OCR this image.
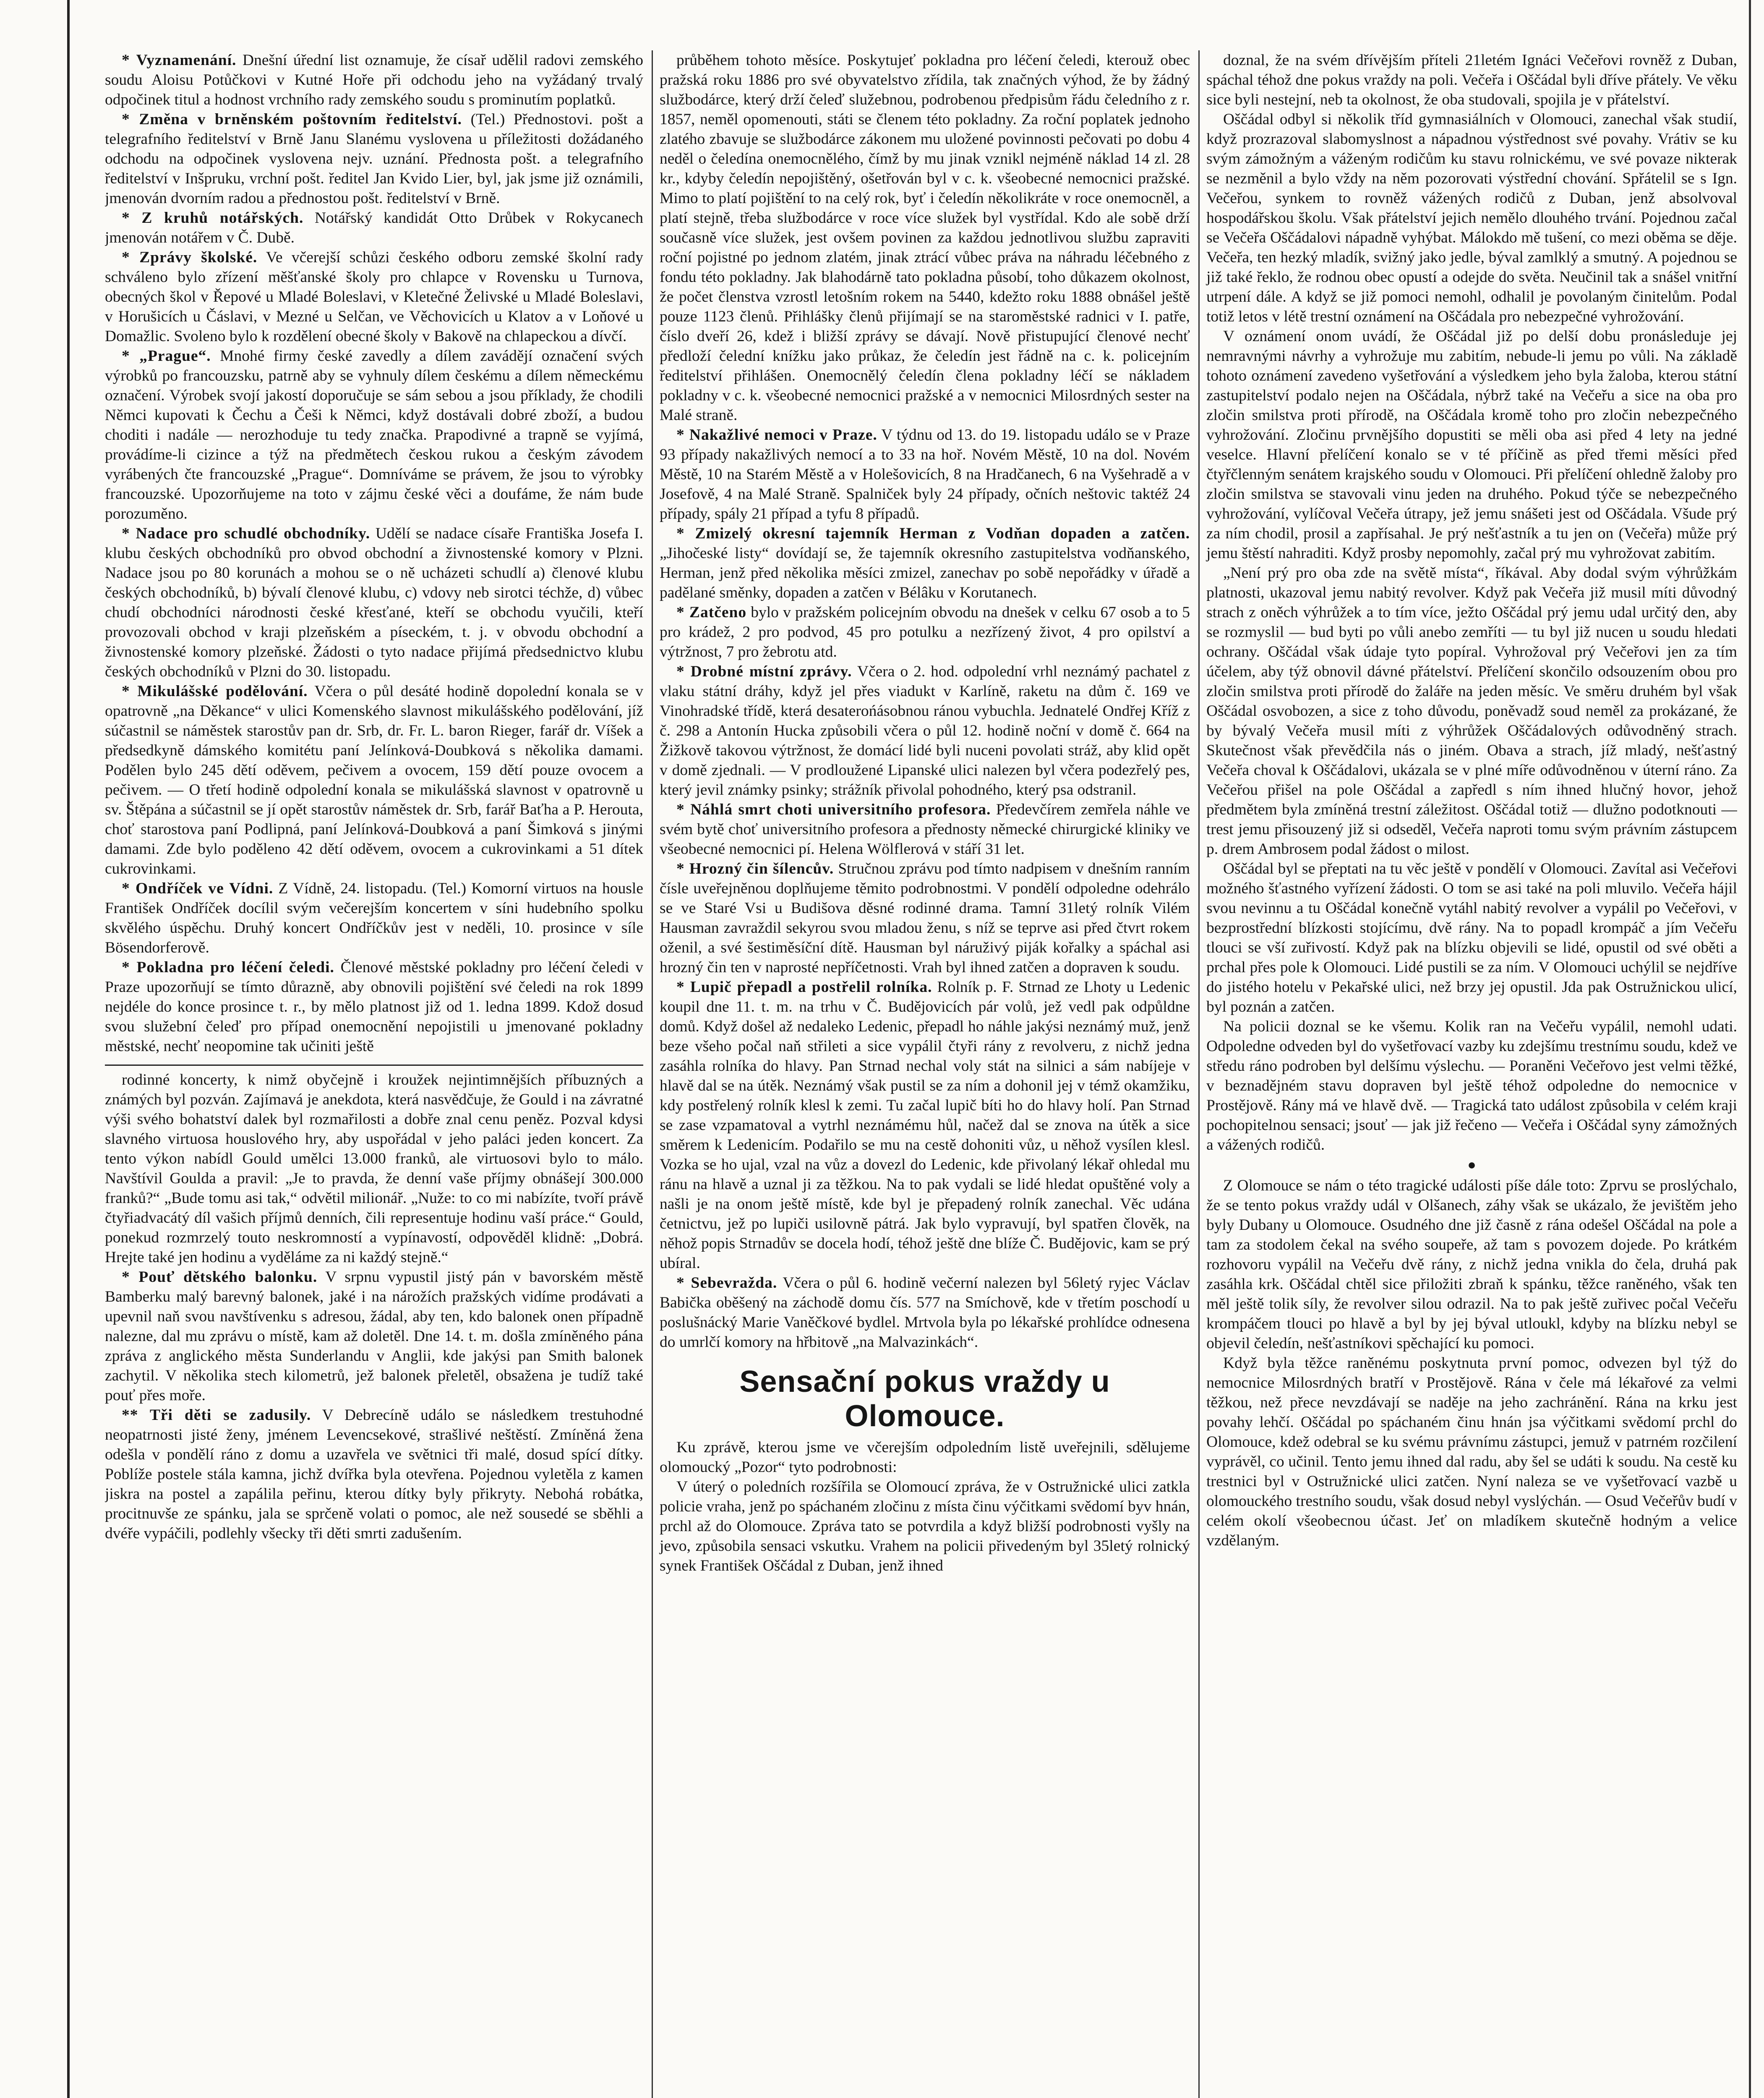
* Vyznamenání. Dnešní úřední list oznamuje, že císař udělil radovi zemského soudu Aloisu Potůčkovi v Kutné Hoře při odchodu jeho na vyžádaný trvalý odpočinek titul a hodnost vrchního rady zemského soudu s prominutím poplatků.

* Změna v brněnském poštovním ředitelství. (Tel.) Přednostovi. pošt a telegrafního ředitelství v Brně Janu Slanému vyslovena u příležitosti dožádaného odchodu na odpočinek vyslovena nejv. uznání. Přednosta pošt. a telegrafního ředitelství v Inšpruku, vrchní pošt. ředitel Jan Kvido Lier, byl, jak jsme již oznámili, jmenován dvorním radou a přednostou pošt. ředitelství v Brně.

* Z kruhů notářských. Notářský kandidát Otto Drůbek v Rokycanech jmenován notářem v Č. Dubě.

* Zprávy školské. Ve včerejší schůzi českého odboru zemské školní rady schváleno bylo zřízení měšťanské školy pro chlapce v Rovensku u Turnova, obecných škol v Řepové u Mladé Boleslavi, v Kletečné Želivské u Mladé Boleslavi, v Horušicích u Čáslavi, v Mezné u Selčan, ve Věchovicích u Klatov a v Loňové u Domažlic. Svoleno bylo k rozdělení obecné školy v Bakově na chlapeckou a dívčí.

* „Prague“. Mnohé firmy české zavedly a dílem zavádějí označení svých výrobků po francouzsku, patrně aby se vyhnuly dílem českému a dílem německému označení. Výrobek svojí jakostí doporučuje se sám sebou a jsou příklady, že chodili Němci kupovati k Čechu a Češi k Němci, když dostávali dobré zboží, a budou choditi i nadále — nerozhoduje tu tedy značka. Prapodivné a trapně se vyjímá, provádíme-li cizince a týž na předmětech českou rukou a českým závodem vyrábených čte francouzské „Prague“. Domníváme se právem, že jsou to výrobky francouzské. Upozorňujeme na toto v zájmu české věci a doufáme, že nám bude porozuměno.

* Nadace pro schudlé obchodníky. Udělí se nadace císaře Františka Josefa I. klubu českých obchodníků pro obvod obchodní a živnostenské komory v Plzni. Nadace jsou po 80 korunách a mohou se o ně ucházeti schudlí a) členové klubu českých obchodníků, b) bývalí členové klubu, c) vdovy neb sirotci téchže, d) vůbec chudí obchodníci národnosti české křesťané, kteří se obchodu vyučili, kteří provozovali obchod v kraji plzeňském a píseckém, t. j. v obvodu obchodní a živnostenské komory plzeňské. Žádosti o tyto nadace přijímá předsednictvo klubu českých obchodníků v Plzni do 30. listopadu.

* Mikulášské podělování. Včera o půl desáté hodině dopolední konala se v opatrovně „na Děkance“ v ulici Komenského slavnost mikulášského podělování, jíž súčastnil se náměstek starostův pan dr. Srb, dr. Fr. L. baron Rieger, farář dr. Víšek a předsedkyně dámského komitétu paní Jelínková-Doubková s několika damami. Podělen bylo 245 dětí oděvem, pečivem a ovocem, 159 dětí pouze ovocem a pečivem. — O třetí hodině odpolední konala se mikulášská slavnost v opatrovně u sv. Štěpána a súčastnil se jí opět starostův náměstek dr. Srb, farář Baťha a P. Herouta, choť starostova paní Podlipná, paní Jelínková-Doubková a paní Šimková s jinými damami. Zde bylo poděleno 42 dětí oděvem, ovocem a cukrovinkami a 51 dítek cukrovinkami.

* Ondříček ve Vídni. Z Vídně, 24. listopadu. (Tel.) Komorní virtuos na housle František Ondříček docílil svým večerejším koncertem v síni hudebního spolku skvělého úspěchu. Druhý koncert Ondříčkův jest v neděli, 10. prosince v síle Bösendorferově.

* Pokladna pro léčení čeledi. Členové městské pokladny pro léčení čeledi v Praze upozorňují se tímto důrazně, aby obnovili pojištění své čeledi na rok 1899 nejdéle do konce prosince t. r., by mělo platnost již od 1. ledna 1899. Kdož dosud svou služební čeleď pro případ onemocnění nepojistili u jmenované pokladny městské, nechť neopomine tak učiniti ještě

rodinné koncerty, k nimž obyčejně i kroužek nejintimnějších příbuzných a známých byl pozván. Zajímavá je anekdota, která nasvědčuje, že Gould i na závratné výši svého bohatství dalek byl rozmařilosti a dobře znal cenu peněz. Pozval kdysi slavného virtuosa houslového hry, aby uspořádal v jeho paláci jeden koncert. Za tento výkon nabídl Gould umělci 13.000 franků, ale virtuosovi bylo to málo. Navštívil Goulda a pravil: „Je to pravda, že denní vaše příjmy obnášejí 300.000 franků?“ „Bude tomu asi tak,“ odvětil milionář. „Nuže: to co mi nabízíte, tvoří právě čtyřiadvacátý díl vašich příjmů denních, čili representuje hodinu vaší práce.“ Gould, ponekud rozmrzelý touto neskromností a vypínavostí, odpověděl klidně: „Dobrá. Hrejte také jen hodinu a vyděláme za ni každý stejně.“

* Pouť dětského balonku. V srpnu vypustil jistý pán v bavorském městě Bamberku malý barevný balonek, jaké i na nárožích pražských vidíme prodávati a upevnil naň svou navštívenku s adresou, žádal, aby ten, kdo balonek onen případně nalezne, dal mu zprávu o místě, kam až doletěl. Dne 14. t. m. došla zmíněného pána zpráva z anglického města Sunderlandu v Anglii, kde jakýsi pan Smith balonek zachytil. V několika stech kilometrů, jež balonek přeletěl, obsažena je tudíž také pouť přes moře.

** Tři děti se zadusily. V Debrecíně událo se následkem trestuhodné neopatrnosti jisté ženy, jménem Levencsekové, strašlivé neštěstí. Zmíněná žena odešla v pondělí ráno z domu a uzavřela ve světnici tři malé, dosud spící dítky. Poblíže postele stála kamna, jichž dvířka byla otevřena. Pojednou vyletěla z kamen jiskra na postel a zapálila peřinu, kterou dítky byly přikryty. Nebohá robátka, procitnuvše ze spánku, jala se sprčeně volati o pomoc, ale než sousedé se sběhli a dvéře vypáčili, podlehly všecky tři děti smrti zadušením.

průběhem tohoto měsíce. Poskytujeť pokladna pro léčení čeledi, kterouž obec pražská roku 1886 pro své obyvatelstvo zřídila, tak značných výhod, že by žádný službodárce, který drží čeleď služebnou, podrobenou předpisům řádu čeledního z r. 1857, neměl opomenouti, státi se členem této pokladny. Za roční poplatek jednoho zlatého zbavuje se službodárce zákonem mu uložené povinnosti pečovati po dobu 4 neděl o čeledína onemocnělého, čímž by mu jinak vznikl nejméně náklad 14 zl. 28 kr., kdyby čeledín nepojištěný, ošetřován byl v c. k. všeobecné nemocnici pražské. Mimo to platí pojištění to na celý rok, byť i čeledín několikráte v roce onemocněl, a platí stejně, třeba službodárce v roce více služek byl vystřídal. Kdo ale sobě drží současně více služek, jest ovšem povinen za každou jednotlivou službu zapraviti roční pojistné po jednom zlatém, jinak ztrácí vůbec práva na náhradu léčebného z fondu této pokladny. Jak blahodárně tato pokladna působí, toho důkazem okolnost, že počet členstva vzrostl letošním rokem na 5440, kdežto roku 1888 obnášel ještě pouze 1123 členů. Přihlášky členů přijímají se na staroměstské radnici v I. patře, číslo dveří 26, kdež i bližší zprávy se dávají. Nově přistupující členové nechť předloží čelední knížku jako průkaz, že čeledín jest řádně na c. k. policejním ředitelství přihlášen. Onemocnělý čeledín člena pokladny léčí se nákladem pokladny v c. k. všeobecné nemocnici pražské a v nemocnici Milosrdných sester na Malé straně.

* Nakažlivé nemoci v Praze. V týdnu od 13. do 19. listopadu událo se v Praze 93 případy nakažlivých nemocí a to 33 na hoř. Novém Městě, 10 na dol. Novém Městě, 10 na Starém Městě a v Holešovicích, 8 na Hradčanech, 6 na Vyšehradě a v Josefově, 4 na Malé Straně. Spalniček byly 24 případy, očních neštovic taktéž 24 případy, spály 21 případ a tyfu 8 případů.

* Zmizelý okresní tajemník Herman z Vodňan dopaden a zatčen. „Jihočeské listy“ dovídají se, že tajemník okresního zastupitelstva vodňanského, Herman, jenž před několika měsíci zmizel, zanechav po sobě nepořádky v úřadě a padělané směnky, dopaden a zatčen v Bélâku v Korutanech.

* Zatčeno bylo v pražském policejním obvodu na dnešek v celku 67 osob a to 5 pro krádež, 2 pro podvod, 45 pro potulku a nezřízený život, 4 pro opilství a výtržnost, 7 pro žebrotu atd.

* Drobné místní zprávy. Včera o 2. hod. odpolední vrhl neznámý pachatel z vlaku státní dráhy, když jel přes viadukt v Karlíně, raketu na dům č. 169 ve Vinohradské třídě, která desaterońásobnou ránou vybuchla. Jednatelé Ondřej Kříž z č. 298 a Antonín Hucka způsobili včera o půl 12. hodině noční v domě č. 664 na Žižkově takovou výtržnost, že domácí lidé byli nuceni povolati stráž, aby klid opět v domě zjednali. — V prodloužené Lipanské ulici nalezen byl včera podezřelý pes, který jevil známky psinky; strážník přivolal pohodného, který psa odstranil.

* Náhlá smrt choti universitního profesora. Předevčírem zemřela náhle ve svém bytě choť universitního profesora a přednosty německé chirurgické kliniky ve všeobecné nemocnici pí. Helena Wölflerová v stáří 31 let.

* Hrozný čin šílencův. Stručnou zprávu pod tímto nadpisem v dnešním ranním čísle uveřejněnou doplňujeme těmito podrobnostmi. V pondělí odpoledne odehrálo se ve Staré Vsi u Budišova děsné rodinné drama. Tamní 31letý rolník Vilém Hausman zavraždil sekyrou svou mladou ženu, s níž se teprve asi před čtvrt rokem oženil, a své šestiměsíční dítě. Hausman byl náruživý piják kořalky a spáchal asi hrozný čin ten v naprosté nepříčetnosti. Vrah byl ihned zatčen a dopraven k soudu.

* Lupič přepadl a postřelil rolníka. Rolník p. F. Strnad ze Lhoty u Ledenic koupil dne 11. t. m. na trhu v Č. Budějovicích pár volů, jež vedl pak odpůldne domů. Když došel až nedaleko Ledenic, přepadl ho náhle jakýsi neznámý muž, jenž beze všeho počal naň střileti a sice vypálil čtyři rány z revolveru, z nichž jedna zasáhla rolníka do hlavy. Pan Strnad nechal voly stát na silnici a sám nabíjeje v hlavě dal se na útěk. Neznámý však pustil se za ním a dohonil jej v témž okamžiku, kdy postřelený rolník klesl k zemi. Tu začal lupič bíti ho do hlavy holí. Pan Strnad se zase vzpamatoval a vytrhl neznámému hůl, načež dal se znova na útěk a sice směrem k Ledenicím. Podařilo se mu na cestě dohoniti vůz, u něhož vysílen klesl. Vozka se ho ujal, vzal na vůz a dovezl do Ledenic, kde přivolaný lékař ohledal mu ránu na hlavě a uznal ji za těžkou. Na to pak vydali se lidé hledat opuštěné voly a našli je na onom ještě místě, kde byl je přepadený rolník zanechal. Věc udána četnictvu, jež po lupiči usilovně pátrá. Jak bylo vypravují, byl spatřen člověk, na něhož popis Strnadův se docela hodí, téhož ještě dne blíže Č. Budějovic, kam se prý ubíral.

* Sebevražda. Včera o půl 6. hodině večerní nalezen byl 56letý ryjec Václav Babička oběšený na záchodě domu čís. 577 na Smíchově, kde v třetím poschodí u poslušnácký Marie Vaněčkové bydlel. Mrtvola byla po lékařské prohlídce odnesena do umrlčí komory na hřbitově „na Malvazinkách“.

Sensační pokus vraždy u Olomouce.

Ku zprávě, kterou jsme ve včerejším odpoledním listě uveřejnili, sdělujeme olomoucký „Pozor“ tyto podrobnosti:

V úterý o poledních rozšířila se Olomoucí zpráva, že v Ostružnické ulici zatkla policie vraha, jenž po spáchaném zločinu z místa činu výčitkami svědomí byv hnán, prchl až do Olomouce. Zpráva tato se potvrdila a když bližší podrobnosti vyšly na jevo, způsobila sensaci vskutku. Vrahem na policii přivedeným byl 35letý rolnický synek František Oščádal z Duban, jenž ihned

doznal, že na svém dřívějším příteli 21letém Ignáci Večeřovi rovněž z Duban, spáchal téhož dne pokus vraždy na poli. Večeřa i Oščádal byli dříve přátely. Ve věku sice byli nestejní, neb ta okolnost, že oba studovali, spojila je v přátelství.

Oščádal odbyl si několik tříd gymnasiálních v Olomouci, zanechal však studií, když prozrazoval slabomyslnost a nápadnou výstřednost své povahy. Vrátiv se ku svým zámožným a váženým rodičům ku stavu rolnickému, ve své povaze nikterak se nezměnil a bylo vždy na něm pozorovati výstřední chování. Spřátelil se s Ign. Večeřou, synkem to rovněž vážených rodičů z Duban, jenž absolvoval hospodářskou školu. Však přátelství jejich nemělo dlouhého trvání. Pojednou začal se Večeřa Oščádalovi nápadně vyhýbat. Málokdo mě tušení, co mezi oběma se děje. Večeřa, ten hezký mladík, svižný jako jedle, býval zamlklý a smutný. A pojednou se již také řeklo, že rodnou obec opustí a odejde do světa. Neučinil tak a snášel vnitřní utrpení dále. A když se již pomoci nemohl, odhalil je povolaným činitelům. Podal totiž letos v létě trestní oznámení na Oščádala pro nebezpečné vyhrožování.

V oznámení onom uvádí, že Oščádal již po delší dobu pronásleduje jej nemravnými návrhy a vyhrožuje mu zabitím, nebude-li jemu po vůli. Na základě tohoto oznámení zavedeno vyšetřování a výsledkem jeho byla žaloba, kterou státní zastupitelství podalo nejen na Oščádala, nýbrž také na Večeřu a sice na oba pro zločin smilstva proti přírodě, na Oščádala kromě toho pro zločin nebezpečného vyhrožování. Zločinu prvnějšího dopustiti se měli oba asi před 4 lety na jedné veselce. Hlavní přelíčení konalo se v té příčině as před třemi měsíci před čtyřčlenným senátem krajského soudu v Olomouci. Při přelíčení ohledně žaloby pro zločin smilstva se stavovali vinu jeden na druhého. Pokud týče se nebezpečného vyhrožování, vylíčoval Večeřa útrapy, jež jemu snášeti jest od Oščádala. Všude prý za ním chodil, prosil a zapřísahal. Je prý nešťastník a tu jen on (Večeřa) může prý jemu štěstí nahraditi. Když prosby nepomohly, začal prý mu vyhrožovat zabitím.

„Není prý pro oba zde na světě místa“, říkával. Aby dodal svým výhrůžkám platnosti, ukazoval jemu nabitý revolver. Když pak Večeřa již musil míti důvodný strach z oněch výhrůžek a to tím více, ježto Oščádal prý jemu udal určitý den, aby se rozmyslil — bud byti po vůli anebo zemříti — tu byl již nucen u soudu hledati ochrany. Oščádal však údaje tyto popíral. Vyhrožoval prý Večeřovi jen za tím účelem, aby týž obnovil dávné přátelství. Přelíčení skončilo odsouzením obou pro zločin smilstva proti přírodě do žaláře na jeden měsíc. Ve směru druhém byl však Oščádal osvobozen, a sice z toho důvodu, poněvadž soud neměl za prokázané, že by bývalý Večeřa musil míti z výhrůžek Oščádalových odůvodněný strach. Skutečnost však převědčila nás o jiném. Obava a strach, jíž mladý, nešťastný Večeřa choval k Oščádalovi, ukázala se v plné míře odůvodněnou v úterní ráno. Za Večeřou přišel na pole Oščádal a zapředl s ním ihned hlučný hovor, jehož předmětem byla zmíněná trestní záležitost. Oščádal totiž — dlužno podotknouti — trest jemu přisouzený již si odseděl, Večeřa naproti tomu svým právním zástupcem p. drem Ambrosem podal žádost o milost.

Oščádal byl se přeptati na tu věc ještě v pondělí v Olomouci. Zavítal asi Večeřovi možného šťastného vyřízení žádosti. O tom se asi také na poli mluvilo. Večeřa hájil svou nevinnu a tu Oščádal konečně vytáhl nabitý revolver a vypálil po Večeřovi, v bezprostřední blízkosti stojícímu, dvě rány. Na to popadl krompáč a jím Večeřu tlouci se vší zuřivostí. Když pak na blízku objevili se lidé, opustil od své oběti a prchal přes pole k Olomouci. Lidé pustili se za ním. V Olomouci uchýlil se nejdříve do jistého hotelu v Pekařské ulici, než brzy jej opustil. Jda pak Ostružnickou ulicí, byl poznán a zatčen.

Na policii doznal se ke všemu. Kolik ran na Večeřu vypálil, nemohl udati. Odpoledne odveden byl do vyšetřovací vazby ku zdejšímu trestnímu soudu, kdež ve středu ráno podroben byl delšímu výslechu. — Poraněni Večeřovo jest velmi těžké, v beznadějném stavu dopraven byl ještě téhož odpoledne do nemocnice v Prostějově. Rány má ve hlavě dvě. — Tragická tato událost způsobila v celém kraji pochopitelnou sensaci; jsouť — jak již řečeno — Večeřa i Oščádal syny zámožných a vážených rodičů.

●

Z Olomouce se nám o této tragické události píše dále toto: Zprvu se proslýchalo, že se tento pokus vraždy udál v Olšanech, záhy však se ukázalo, že jevištěm jeho byly Dubany u Olomouce. Osudného dne již časně z rána odešel Oščádal na pole a tam za stodolem čekal na svého soupeře, až tam s povozem dojede. Po krátkém rozhovoru vypálil na Večeřu dvě rány, z nichž jedna vnikla do čela, druhá pak zasáhla krk. Oščádal chtěl sice přiložiti zbraň k spánku, těžce raněného, však ten měl ještě tolik síly, že revolver silou odrazil. Na to pak ještě zuřivec počal Večeřu krompáčem tlouci po hlavě a byl by jej býval utloukl, kdyby na blízku nebyl se objevil čeledín, nešťastníkovi spěchající ku pomoci.

Když byla těžce raněnému poskytnuta první pomoc, odvezen byl týž do nemocnice Milosrdných bratří v Prostějově. Rána v čele má lékařové za velmi těžkou, než přece nevzdávají se naděje na jeho zachránění. Rána na krku jest povahy lehčí. Oščádal po spáchaném činu hnán jsa výčitkami svědomí prchl do Olomouce, kdež odebral se ku svému právnímu zástupci, jemuž v patrném rozčilení vyprávěl, co učinil. Tento jemu ihned dal radu, aby šel se udáti k soudu. Na cestě ku trestnici byl v Ostružnické ulici zatčen. Nyní naleza se ve vyšetřovací vazbě u olomouckého trestního soudu, však dosud nebyl vyslýchán. — Osud Večeřův budí v celém okolí všeobecnou účast. Jeť on mladíkem skutečně hodným a velice vzdělaným.
